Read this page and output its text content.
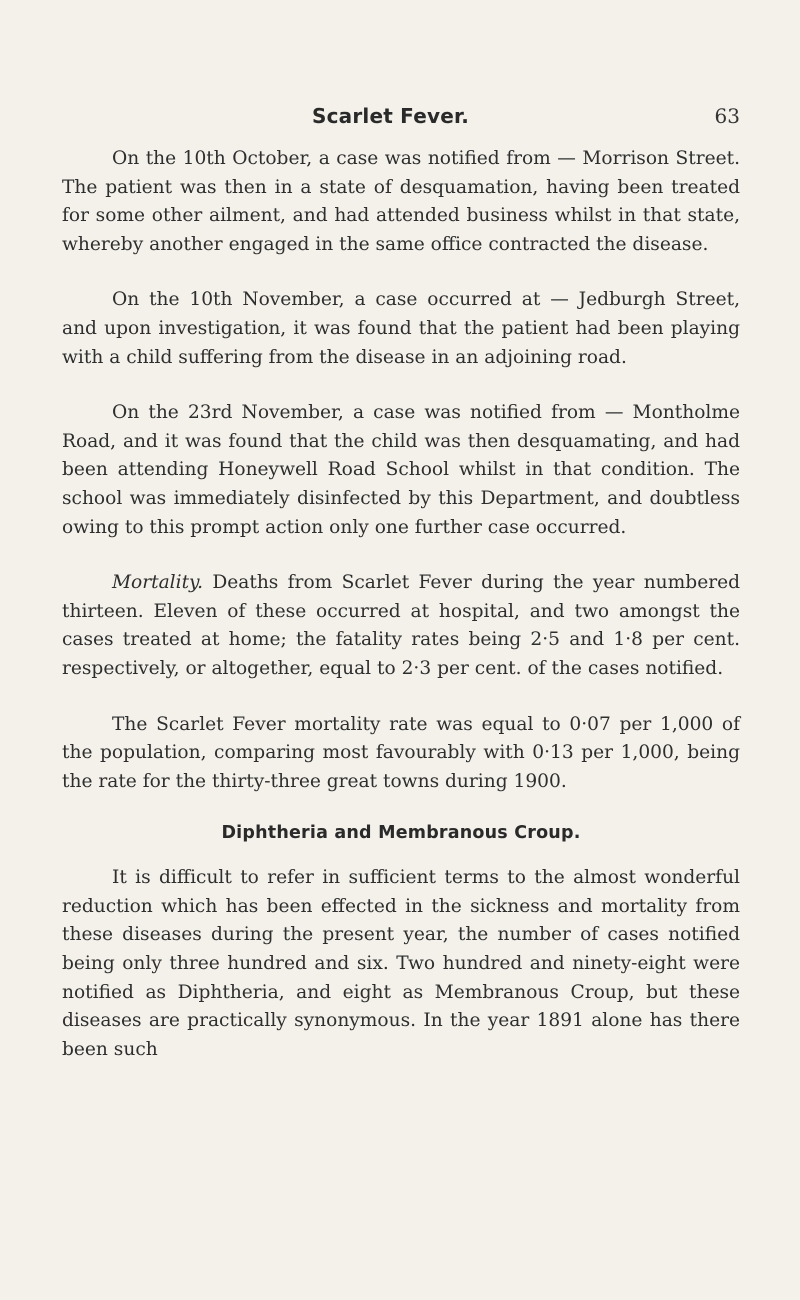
Scarlet Fever.	63

On the 10th October, a case was notified from — Morrison Street. The patient was then in a state of desquamation, having been treated for some other ailment, and had attended business whilst in that state, whereby another engaged in the same office contracted the disease.

On the 10th November, a case occurred at — Jedburgh Street, and upon investigation, it was found that the patient had been playing with a child suffering from the disease in an adjoining road.

On the 23rd November, a case was notified from — Montholme Road, and it was found that the child was then desquamating, and had been attending Honeywell Road School whilst in that condition. The school was immediately disinfected by this Department, and doubtless owing to this prompt action only one further case occurred.

Mortality. Deaths from Scarlet Fever during the year numbered thirteen. Eleven of these occurred at hospital, and two amongst the cases treated at home; the fatality rates being 2·5 and 1·8 per cent. respectively, or altogether, equal to 2·3 per cent. of the cases notified.

The Scarlet Fever mortality rate was equal to 0·07 per 1,000 of the population, comparing most favourably with 0·13 per 1,000, being the rate for the thirty-three great towns during 1900.

Diphtheria and Membranous Croup.

It is difficult to refer in sufficient terms to the almost wonderful reduction which has been effected in the sickness and mortality from these diseases during the present year, the number of cases notified being only three hundred and six. Two hundred and ninety-eight were notified as Diphtheria, and eight as Membranous Croup, but these diseases are practically synonymous. In the year 1891 alone has there been such
